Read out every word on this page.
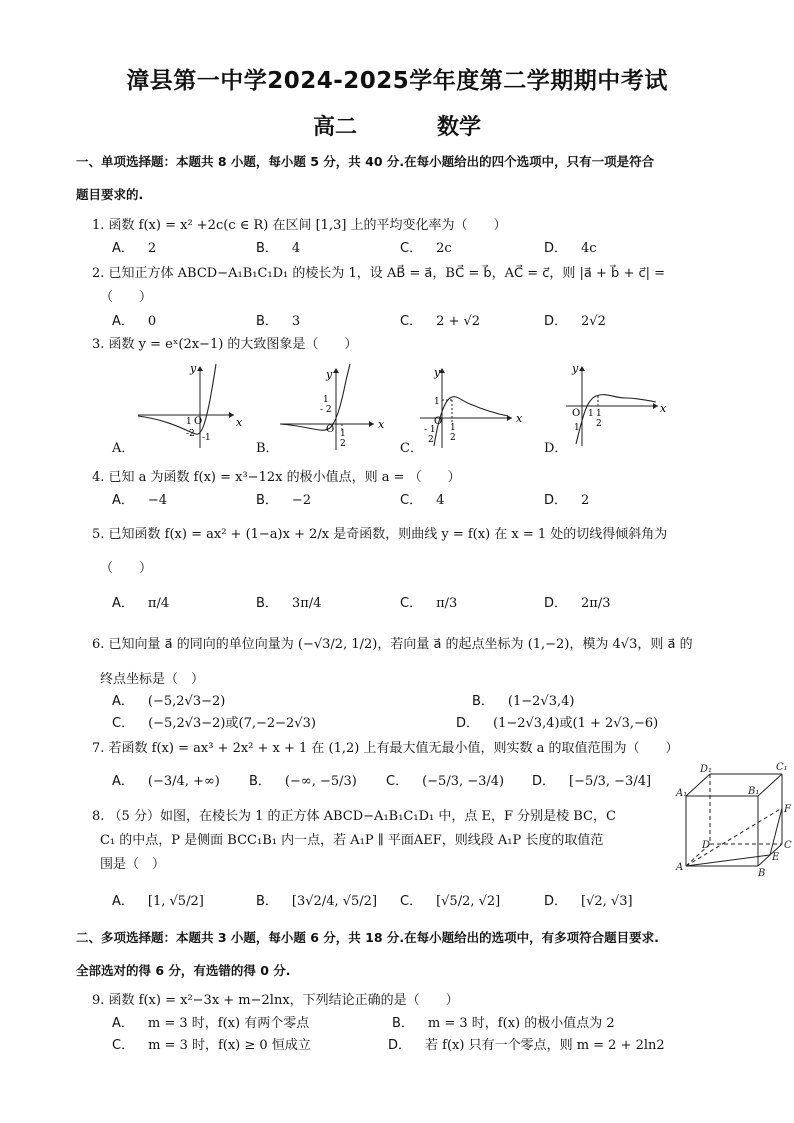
漳县第一中学2024-2025学年度第二学期期中考试
高二	数学
一、单项选择题：本题共 8 小题，每小题 5 分，共 40 分.在每小题给出的四个选项中，只有一项是符合
题目要求的.
1. 函数 f(x) = x² +2c(c ∈ R) 在区间 [1,3] 上的平均变化率为（　　）
A． 2	B． 4	C． 2c	D． 4c
2. 已知正方体 ABCD−A₁B₁C₁D₁ 的棱长为 1，设 AB⃗ = a⃗，BC⃗ = b⃗，AC⃗ = c⃗，则 |a⃗ + b⃗ + c⃗| =
（　　）
A． 0	B． 3	C． 2 + √2	D． 2√2
3. 函数 y = eˣ(2x−1) 的大致图象是（　　）
x
y
1 O
-2 -1
x
y
1
- 2
O 1
2
x
y
1
O
- 1
2
1
2
x
y
O 1 1
2
1
A．	B．	C．	D．
4. 已知 a 为函数 f(x) = x³−12x 的极小值点，则 a = （　　）
A． −4	B． −2	C． 4	D． 2
5. 已知函数 f(x) = ax² + (1−a)x + 2/x 是奇函数，则曲线 y = f(x) 在 x = 1 处的切线得倾斜角为
（　　）
A． π/4	B． 3π/4	C． π/3	D． 2π/3
6. 已知向量 a⃗ 的同向的单位向量为 (−√3/2, 1/2)，若向量 a⃗ 的起点坐标为 (1,−2)，模为 4√3，则 a⃗ 的
终点坐标是（　）
A． (−5,2√3−2)	B． (1−2√3,4)
C． (−5,2√3−2)或(7,−2−2√3)	D． (1−2√3,4)或(1 + 2√3,−6)
7. 若函数 f(x) = ax³ + 2x² + x + 1 在 (1,2) 上有最大值无最小值，则实数 a 的取值范围为（　　）
A． (−3/4, +∞) B． (−∞, −5/3) C． (−5/3, −3/4) D． [−5/3, −3/4]
8. （5 分）如图，在棱长为 1 的正方体 ABCD−A₁B₁C₁D₁ 中，点 E，F 分别是棱 BC，C
C₁ 的中点，P 是侧面 BCC₁B₁ 内一点，若 A₁P ∥ 平面AEF，则线段 A₁P 长度的取值范
围是（　）
A． [1, √5/2]	B． [3√2/4, √5/2] C． [√5/2, √2]	D． [√2, √3]
D₁	C₁
A₁	B₁
D	C
F
E
B
A
二、多项选择题：本题共 3 小题，每小题 6 分，共 18 分.在每小题给出的选项中，有多项符合题目要求.
全部选对的得 6 分，有选错的得 0 分.
9. 函数 f(x) = x²−3x + m−2lnx，下列结论正确的是（　　）
A． m = 3 时，f(x) 有两个零点	B． m = 3 时，f(x) 的极小值点为 2
C． m = 3 时，f(x) ≥ 0 恒成立	D． 若 f(x) 只有一个零点，则 m = 2 + 2ln2
